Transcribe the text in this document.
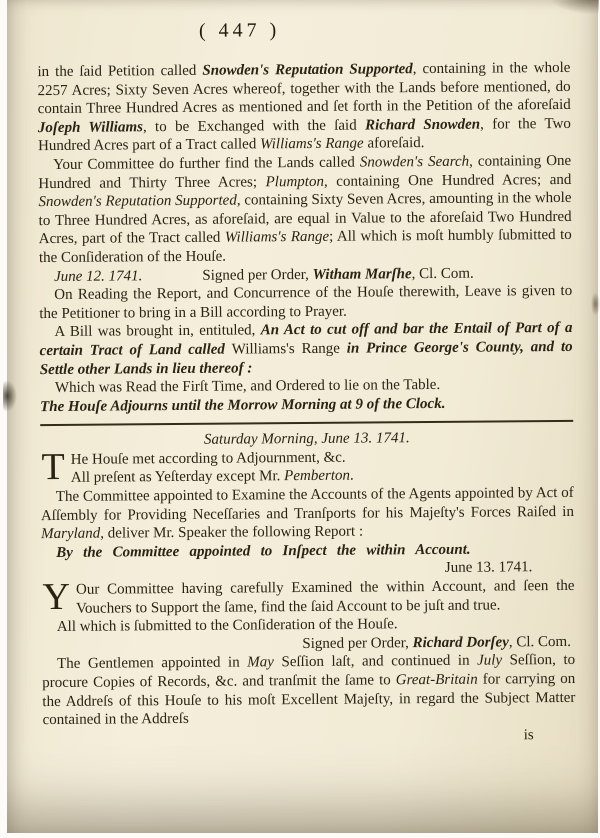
( 447 )

in the ſaid Petition called Snowden's Reputation Supported, containing in the whole 2257 Acres; Sixty Seven Acres whereof, together with the Lands before mentioned, do contain Three Hundred Acres as mentioned and ſet forth in the Petition of the aforeſaid Joſeph Williams, to be Exchanged with the ſaid Richard Snowden, for the Two Hundred Acres part of a Tract called Williams's Range aforeſaid.

Your Committee do further find the Lands called Snowden's Search, containing One Hundred and Thirty Three Acres; Plumpton, containing One Hundred Acres; and Snowden's Reputation Supported, containing Sixty Seven Acres, amounting in the whole to Three Hundred Acres, as aforeſaid, are equal in Value to the aforeſaid Two Hundred Acres, part of the Tract called Williams's Range; All which is moſt humbly ſubmitted to the Conſideration of the Houſe.

June 12. 1741.    Signed per Order, Witham Marſhe, Cl. Com.

On Reading the Report, and Concurrence of the Houſe therewith, Leave is given to the Petitioner to bring in a Bill according to Prayer.

A Bill was brought in, entituled, An Act to cut off and bar the Entail of Part of a certain Tract of Land called Williams's Range in Prince George's County, and to Settle other Lands in lieu thereof :

Which was Read the Firſt Time, and Ordered to lie on the Table.

The Houſe Adjourns until the Morrow Morning at 9 of the Clock.

Saturday Morning, June 13. 1741.

T He Houſe met according to Adjournment, &c.
All preſent as Yeſterday except Mr. Pemberton.

The Committee appointed to Examine the Accounts of the Agents appointed by Act of Aſſembly for Providing Neceſſaries and Tranſports for his Majeſty's Forces Raiſed in Maryland, deliver Mr. Speaker the following Report :

By the Committee appointed to Inſpect the within Account.

June 13. 1741.

Y Our Committee having carefully Examined the within Account, and ſeen the Vouchers to Support the ſame, find the ſaid Account to be juſt and true.

All which is ſubmitted to the Conſideration of the Houſe.

Signed per Order, Richard Dorſey, Cl. Com.

The Gentlemen appointed in May Seſſion laſt, and continued in July Seſſion, to procure Copies of Records, &c. and tranſmit the ſame to Great-Britain for carrying on the Addreſs of this Houſe to his moſt Excellent Majeſty, in regard the Subject Matter contained in the Addreſs

is
